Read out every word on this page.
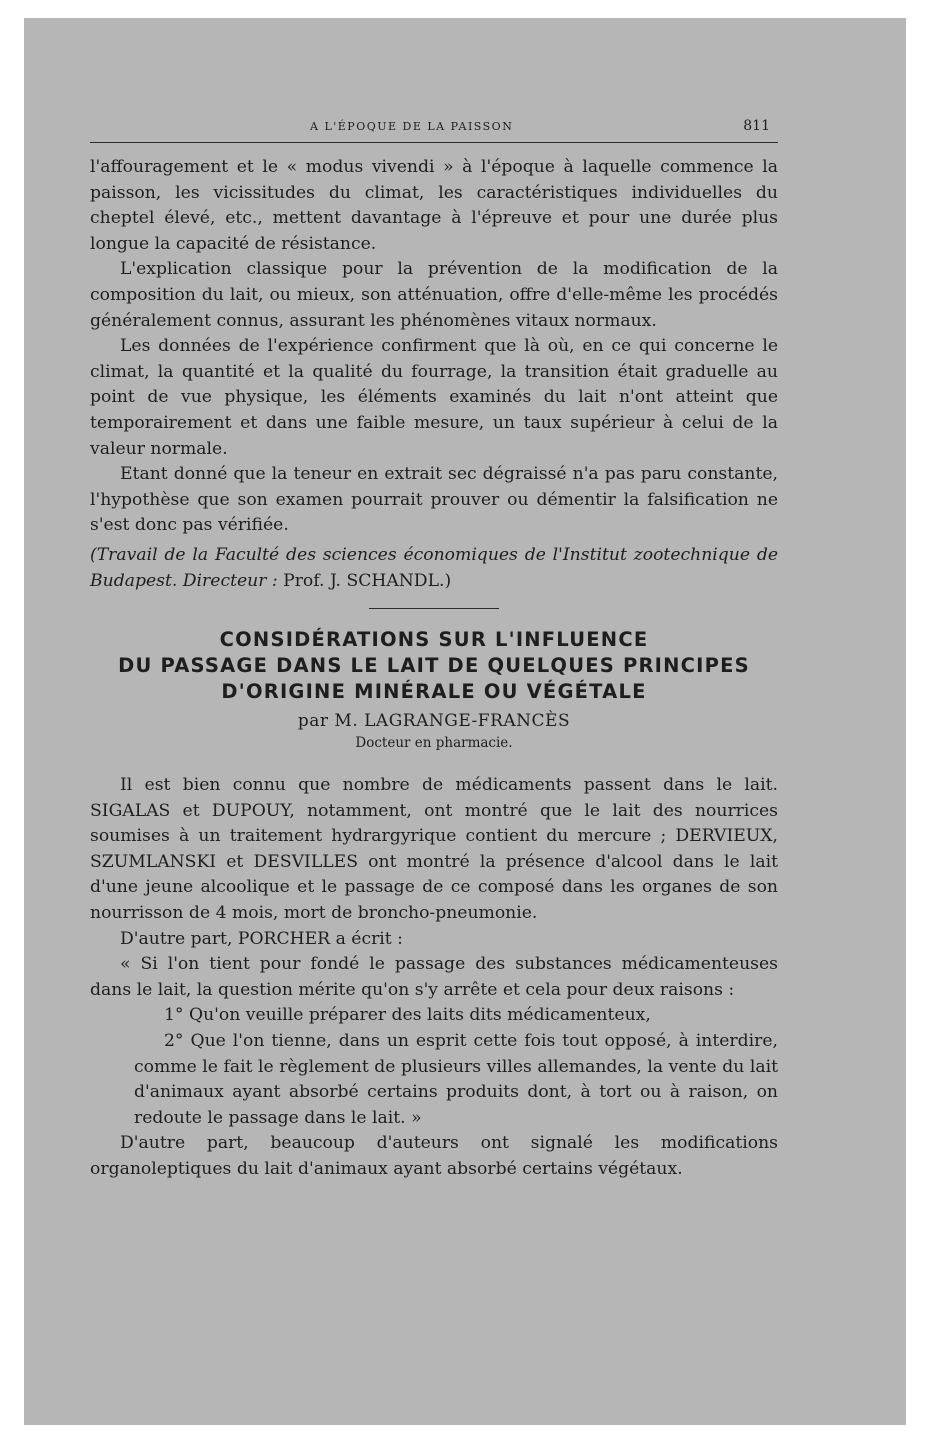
A L'ÉPOQUE DE LA PAISSON	811

l'affouragement et le « modus vivendi » à l'époque à laquelle commence la paisson, les vicissitudes du climat, les caractéristiques individuelles du cheptel élevé, etc., mettent davantage à l'épreuve et pour une durée plus longue la capacité de résistance.

L'explication classique pour la prévention de la modification de la composition du lait, ou mieux, son atténuation, offre d'elle-même les procédés généralement connus, assurant les phénomènes vitaux normaux.

Les données de l'expérience confirment que là où, en ce qui concerne le climat, la quantité et la qualité du fourrage, la transition était graduelle au point de vue physique, les éléments examinés du lait n'ont atteint que temporairement et dans une faible mesure, un taux supérieur à celui de la valeur normale.

Etant donné que la teneur en extrait sec dégraissé n'a pas paru constante, l'hypothèse que son examen pourrait prouver ou démentir la falsification ne s'est donc pas vérifiée.

(Travail de la Faculté des sciences économiques de l'Institut zootechnique de Budapest. Directeur : Prof. J. SCHANDL.)

CONSIDÉRATIONS SUR L'INFLUENCE
DU PASSAGE DANS LE LAIT DE QUELQUES PRINCIPES
D'ORIGINE MINÉRALE OU VÉGÉTALE
par M. LAGRANGE-FRANCÈS
Docteur en pharmacie.

Il est bien connu que nombre de médicaments passent dans le lait. SIGALAS et DUPOUY, notamment, ont montré que le lait des nourrices soumises à un traitement hydrargyrique contient du mercure ; DERVIEUX, SZUMLANSKI et DESVILLES ont montré la présence d'alcool dans le lait d'une jeune alcoolique et le passage de ce composé dans les organes de son nourrisson de 4 mois, mort de broncho-pneumonie.

D'autre part, PORCHER a écrit :

« Si l'on tient pour fondé le passage des substances médicamenteuses dans le lait, la question mérite qu'on s'y arrête et cela pour deux raisons :

1° Qu'on veuille préparer des laits dits médicamenteux,

2° Que l'on tienne, dans un esprit cette fois tout opposé, à interdire, comme le fait le règlement de plusieurs villes allemandes, la vente du lait d'animaux ayant absorbé certains produits dont, à tort ou à raison, on redoute le passage dans le lait. »

D'autre part, beaucoup d'auteurs ont signalé les modifications organoleptiques du lait d'animaux ayant absorbé certains végétaux.
